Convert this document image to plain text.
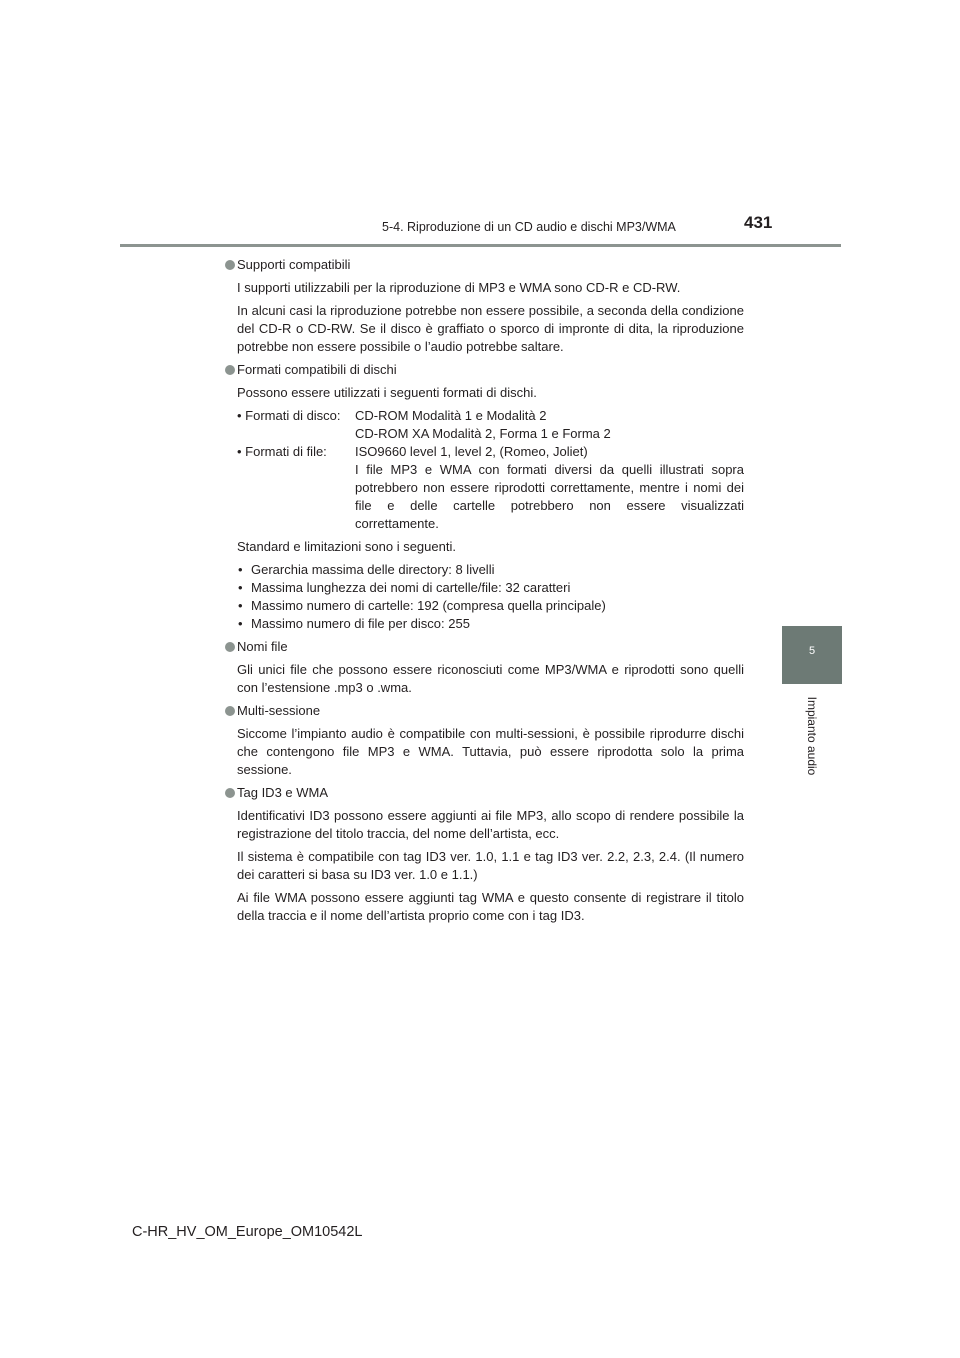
5-4. Riproduzione di un CD audio e dischi MP3/WMA	431
5
Impianto audio
Supporti compatibili

I supporti utilizzabili per la riproduzione di MP3 e WMA sono CD-R e CD-RW.

In alcuni casi la riproduzione potrebbe non essere possibile, a seconda della condizione del CD-R o CD-RW. Se il disco è graffiato o sporco di impronte di dita, la riproduzione potrebbe non essere possibile o l’audio potrebbe saltare.

Formati compatibili di dischi

Possono essere utilizzati i seguenti formati di dischi.

• Formati di disco:	CD-ROM Modalità 1 e Modalità 2
CD-ROM XA Modalità 2, Forma 1 e Forma 2
• Formati di file:	ISO9660 level 1, level 2, (Romeo, Joliet)
I file MP3 e WMA con formati diversi da quelli illustrati sopra potrebbero non essere riprodotti correttamente, mentre i nomi dei file e delle cartelle potrebbero non essere visualizzati correttamente.

Standard e limitazioni sono i seguenti.

• Gerarchia massima delle directory: 8 livelli
• Massima lunghezza dei nomi di cartelle/file: 32 caratteri
• Massimo numero di cartelle: 192 (compresa quella principale)
• Massimo numero di file per disco: 255
Nomi file

Gli unici file che possono essere riconosciuti come MP3/WMA e riprodotti sono quelli con l’estensione .mp3 o .wma.

Multi-sessione

Siccome l’impianto audio è compatibile con multi-sessioni, è possibile riprodurre dischi che contengono file MP3 e WMA. Tuttavia, può essere riprodotta solo la prima sessione.

Tag ID3 e WMA

Identificativi ID3 possono essere aggiunti ai file MP3, allo scopo di rendere possibile la registrazione del titolo traccia, del nome dell’artista, ecc.

Il sistema è compatibile con tag ID3 ver. 1.0, 1.1 e tag ID3 ver. 2.2, 2.3, 2.4. (Il numero dei caratteri si basa su ID3 ver. 1.0 e 1.1.)

Ai file WMA possono essere aggiunti tag WMA e questo consente di registrare il titolo della traccia e il nome dell’artista proprio come con i tag ID3.

C-HR_HV_OM_Europe_OM10542L
